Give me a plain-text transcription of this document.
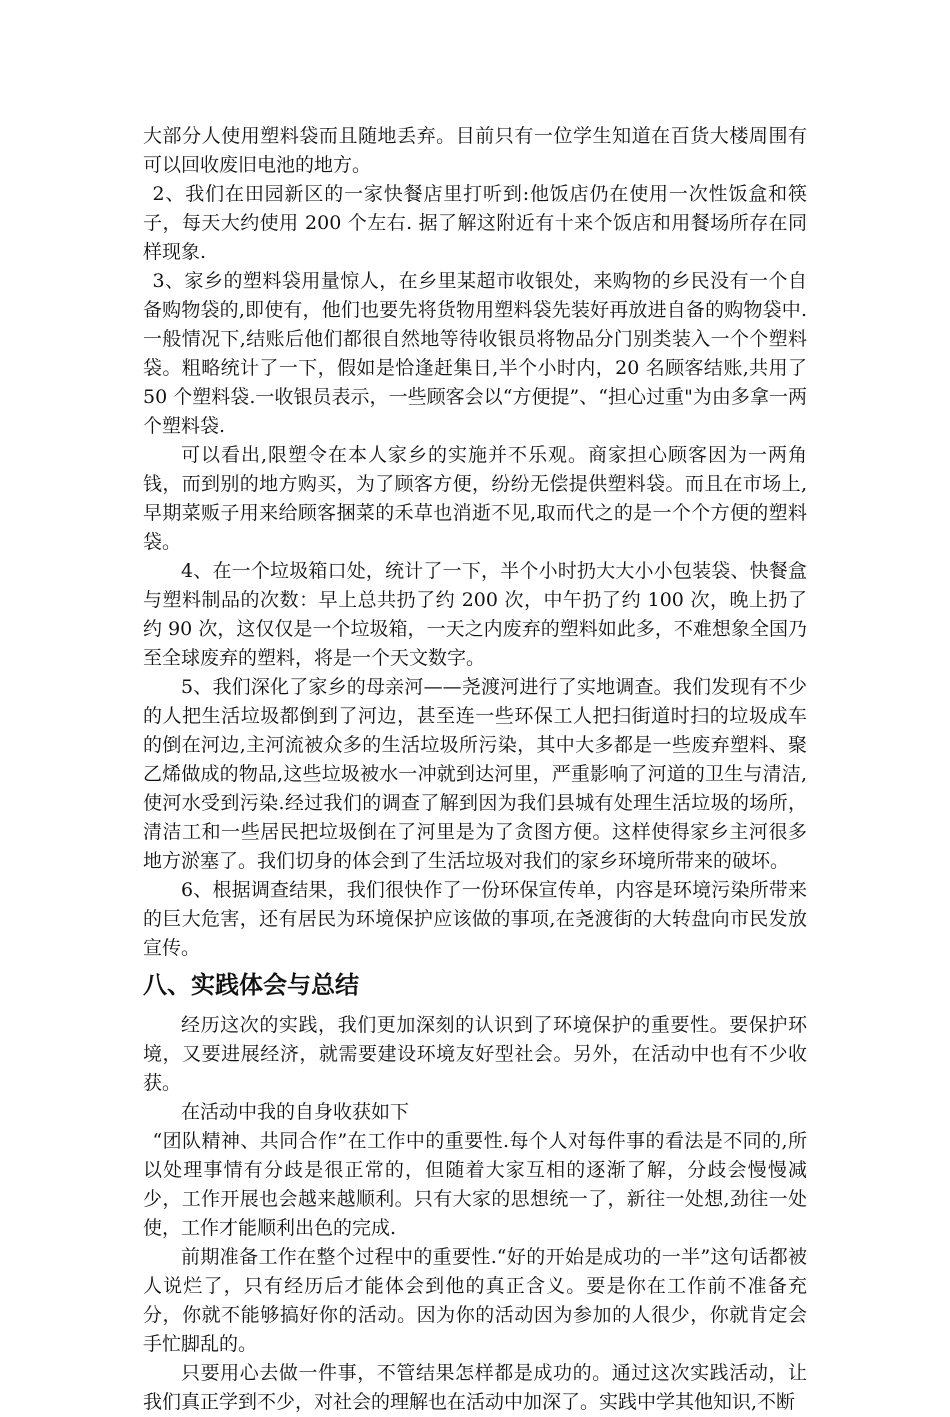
大部分人使用塑料袋而且随地丢弃。目前只有一位学生知道在百货大楼周围有可以回收废旧电池的地方。

2、我们在田园新区的一家快餐店里打听到:他饭店仍在使用一次性饭盒和筷子，每天大约使用 200 个左右. 据了解这附近有十来个饭店和用餐场所存在同样现象.

3、家乡的塑料袋用量惊人，在乡里某超市收银处，来购物的乡民没有一个自备购物袋的,即使有，他们也要先将货物用塑料袋先装好再放进自备的购物袋中. 一般情况下,结账后他们都很自然地等待收银员将物品分门别类装入一个个塑料袋。粗略统计了一下，假如是恰逢赶集日,半个小时内，20 名顾客结账,共用了 50 个塑料袋.一收银员表示，一些顾客会以“方便提”、“担心过重"为由多拿一两个塑料袋.

可以看出,限塑令在本人家乡的实施并不乐观。商家担心顾客因为一两角钱，而到别的地方购买，为了顾客方便，纷纷无偿提供塑料袋。而且在市场上,早期菜贩子用来给顾客捆菜的禾草也消逝不见,取而代之的是一个个方便的塑料袋。

4、在一个垃圾箱口处，统计了一下，半个小时扔大大小小包装袋、快餐盒与塑料制品的次数：早上总共扔了约 200 次，中午扔了约 100 次，晚上扔了约 90 次，这仅仅是一个垃圾箱，一天之内废弃的塑料如此多，不难想象全国乃至全球废弃的塑料，将是一个天文数字。

5、我们深化了家乡的母亲河——尧渡河进行了实地调查。我们发现有不少的人把生活垃圾都倒到了河边，甚至连一些环保工人把扫街道时扫的垃圾成车的倒在河边,主河流被众多的生活垃圾所污染，其中大多都是一些废弃塑料、聚乙烯做成的物品,这些垃圾被水一冲就到达河里，严重影响了河道的卫生与清洁,使河水受到污染.经过我们的调查了解到因为我们县城有处理生活垃圾的场所，清洁工和一些居民把垃圾倒在了河里是为了贪图方便。这样使得家乡主河很多地方淤塞了。我们切身的体会到了生活垃圾对我们的家乡环境所带来的破坏。

6、根据调查结果，我们很快作了一份环保宣传单，内容是环境污染所带来的巨大危害，还有居民为环境保护应该做的事项,在尧渡街的大转盘向市民发放宣传。

八、实践体会与总结

经历这次的实践，我们更加深刻的认识到了环境保护的重要性。要保护环境，又要进展经济，就需要建设环境友好型社会。另外，在活动中也有不少收获。

在活动中我的自身收获如下

“团队精神、共同合作”在工作中的重要性.每个人对每件事的看法是不同的,所以处理事情有分歧是很正常的，但随着大家互相的逐渐了解，分歧会慢慢减少，工作开展也会越来越顺利。只有大家的思想统一了，新往一处想,劲往一处使，工作才能顺利出色的完成.

前期准备工作在整个过程中的重要性.“好的开始是成功的一半”这句话都被人说烂了，只有经历后才能体会到他的真正含义。要是你在工作前不准备充分，你就不能够搞好你的活动。因为你的活动因为参加的人很少，你就肯定会手忙脚乱的。

只要用心去做一件事，不管结果怎样都是成功的。通过这次实践活动，让我们真正学到不少，对社会的理解也在活动中加深了。实践中学其他知识,不断
